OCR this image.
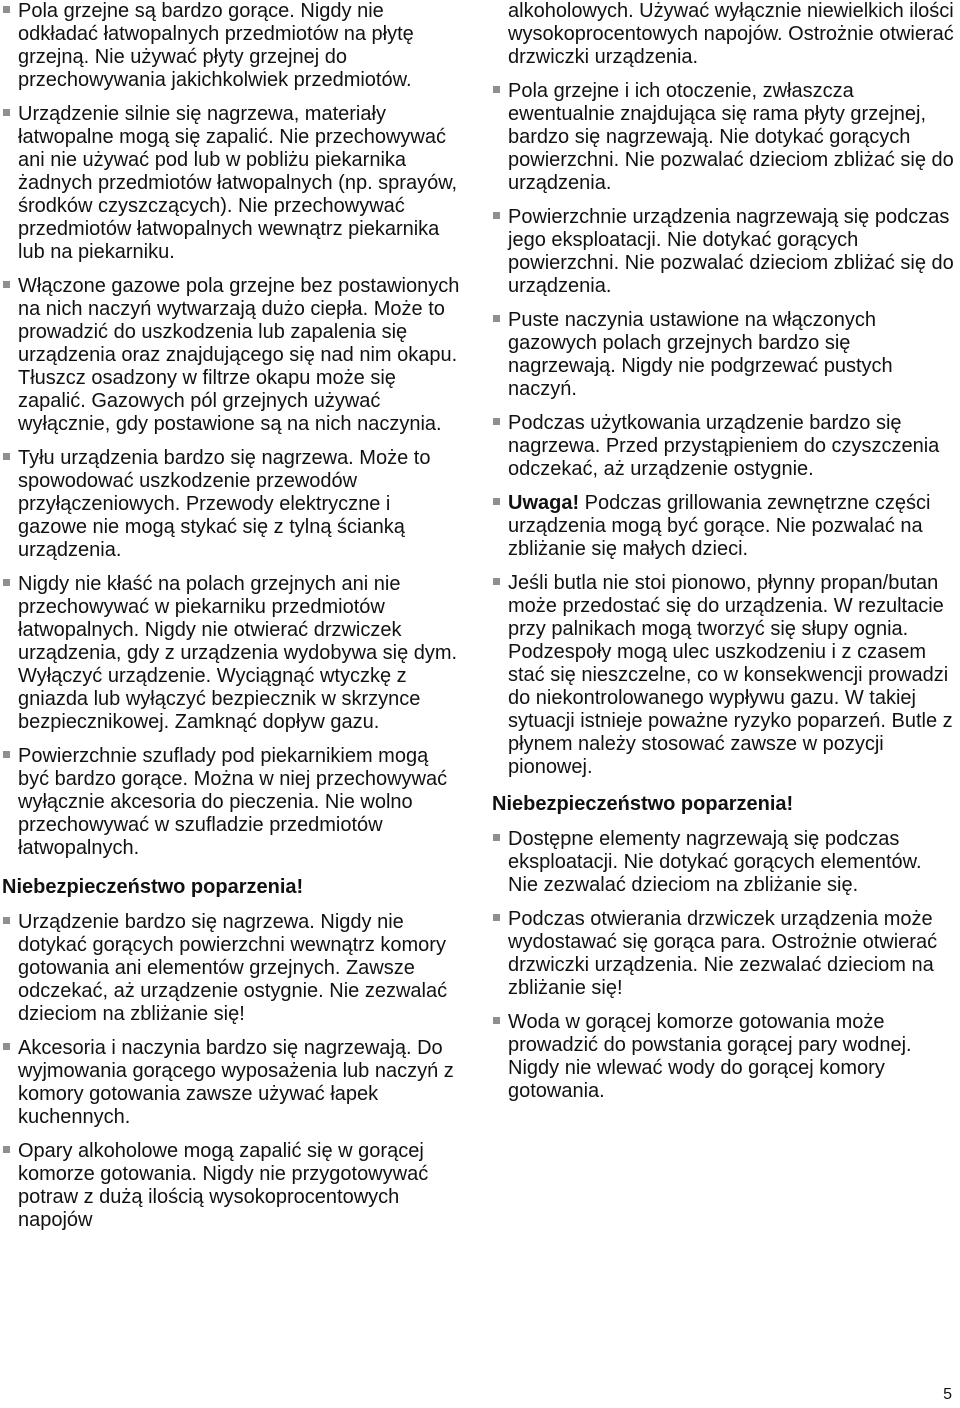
Pola grzejne są bardzo gorące. Nigdy nie odkładać łatwopalnych przedmiotów na płytę grzejną. Nie używać płyty grzejnej do przechowywania jakichkolwiek przedmiotów.
Urządzenie silnie się nagrzewa, materiały łatwopalne mogą się zapalić. Nie przechowywać ani nie używać pod lub w pobliżu piekarnika żadnych przedmiotów łatwopalnych (np. sprayów, środków czyszczących). Nie przechowywać przedmiotów łatwopalnych wewnątrz piekarnika lub na piekarniku.
Włączone gazowe pola grzejne bez postawionych na nich naczyń wytwarzają dużo ciepła. Może to prowadzić do uszkodzenia lub zapalenia się urządzenia oraz znajdującego się nad nim okapu. Tłuszcz osadzony w filtrze okapu może się zapalić. Gazowych pól grzejnych używać wyłącznie, gdy postawione są na nich naczynia.
Tyłu urządzenia bardzo się nagrzewa. Może to spowodować uszkodzenie przewodów przyłączeniowych. Przewody elektryczne i gazowe nie mogą stykać się z tylną ścianką urządzenia.
Nigdy nie kłaść na polach grzejnych ani nie przechowywać w piekarniku przedmiotów łatwopalnych. Nigdy nie otwierać drzwiczek urządzenia, gdy z urządzenia wydobywa się dym. Wyłączyć urządzenie. Wyciągnąć wtyczkę z gniazda lub wyłączyć bezpiecznik w skrzynce bezpiecznikowej. Zamknąć dopływ gazu.
Powierzchnie szuflady pod piekarnikiem mogą być bardzo gorące. Można w niej przechowywać wyłącznie akcesoria do pieczenia. Nie wolno przechowywać w szufladzie przedmiotów łatwopalnych.
Niebezpieczeństwo poparzenia!
Urządzenie bardzo się nagrzewa. Nigdy nie dotykać gorących powierzchni wewnątrz komory gotowania ani elementów grzejnych. Zawsze odczekać, aż urządzenie ostygnie. Nie zezwalać dzieciom na zbliżanie się!
Akcesoria i naczynia bardzo się nagrzewają. Do wyjmowania gorącego wyposażenia lub naczyń z komory gotowania zawsze używać łapek kuchennych.
Opary alkoholowe mogą zapalić się w gorącej komorze gotowania. Nigdy nie przygotowywać potraw z dużą ilością wysokoprocentowych napojów
alkoholowych. Używać wyłącznie niewielkich ilości wysokoprocentowych napojów. Ostrożnie otwierać drzwiczki urządzenia.
Pola grzejne i ich otoczenie, zwłaszcza ewentualnie znajdująca się rama płyty grzejnej, bardzo się nagrzewają. Nie dotykać gorących powierzchni. Nie pozwalać dzieciom zbliżać się do urządzenia.
Powierzchnie urządzenia nagrzewają się podczas jego eksploatacji. Nie dotykać gorących powierzchni. Nie pozwalać dzieciom zbliżać się do urządzenia.
Puste naczynia ustawione na włączonych gazowych polach grzejnych bardzo się nagrzewają. Nigdy nie podgrzewać pustych naczyń.
Podczas użytkowania urządzenie bardzo się nagrzewa. Przed przystąpieniem do czyszczenia odczekać, aż urządzenie ostygnie.
Uwaga! Podczas grillowania zewnętrzne części urządzenia mogą być gorące. Nie pozwalać na zbliżanie się małych dzieci.
Jeśli butla nie stoi pionowo, płynny propan/butan może przedostać się do urządzenia. W rezultacie przy palnikach mogą tworzyć się słupy ognia. Podzespoły mogą ulec uszkodzeniu i z czasem stać się nieszczelne, co w konsekwencji prowadzi do niekontrolowanego wypływu gazu. W takiej sytuacji istnieje poważne ryzyko poparzeń. Butle z płynem należy stosować zawsze w pozycji pionowej.
Niebezpieczeństwo poparzenia!
Dostępne elementy nagrzewają się podczas eksploatacji. Nie dotykać gorących elementów. Nie zezwalać dzieciom na zbliżanie się.
Podczas otwierania drzwiczek urządzenia może wydostawać się gorąca para. Ostrożnie otwierać drzwiczki urządzenia. Nie zezwalać dzieciom na zbliżanie się!
Woda w gorącej komorze gotowania może prowadzić do powstania gorącej pary wodnej. Nigdy nie wlewać wody do gorącej komory gotowania.
5
